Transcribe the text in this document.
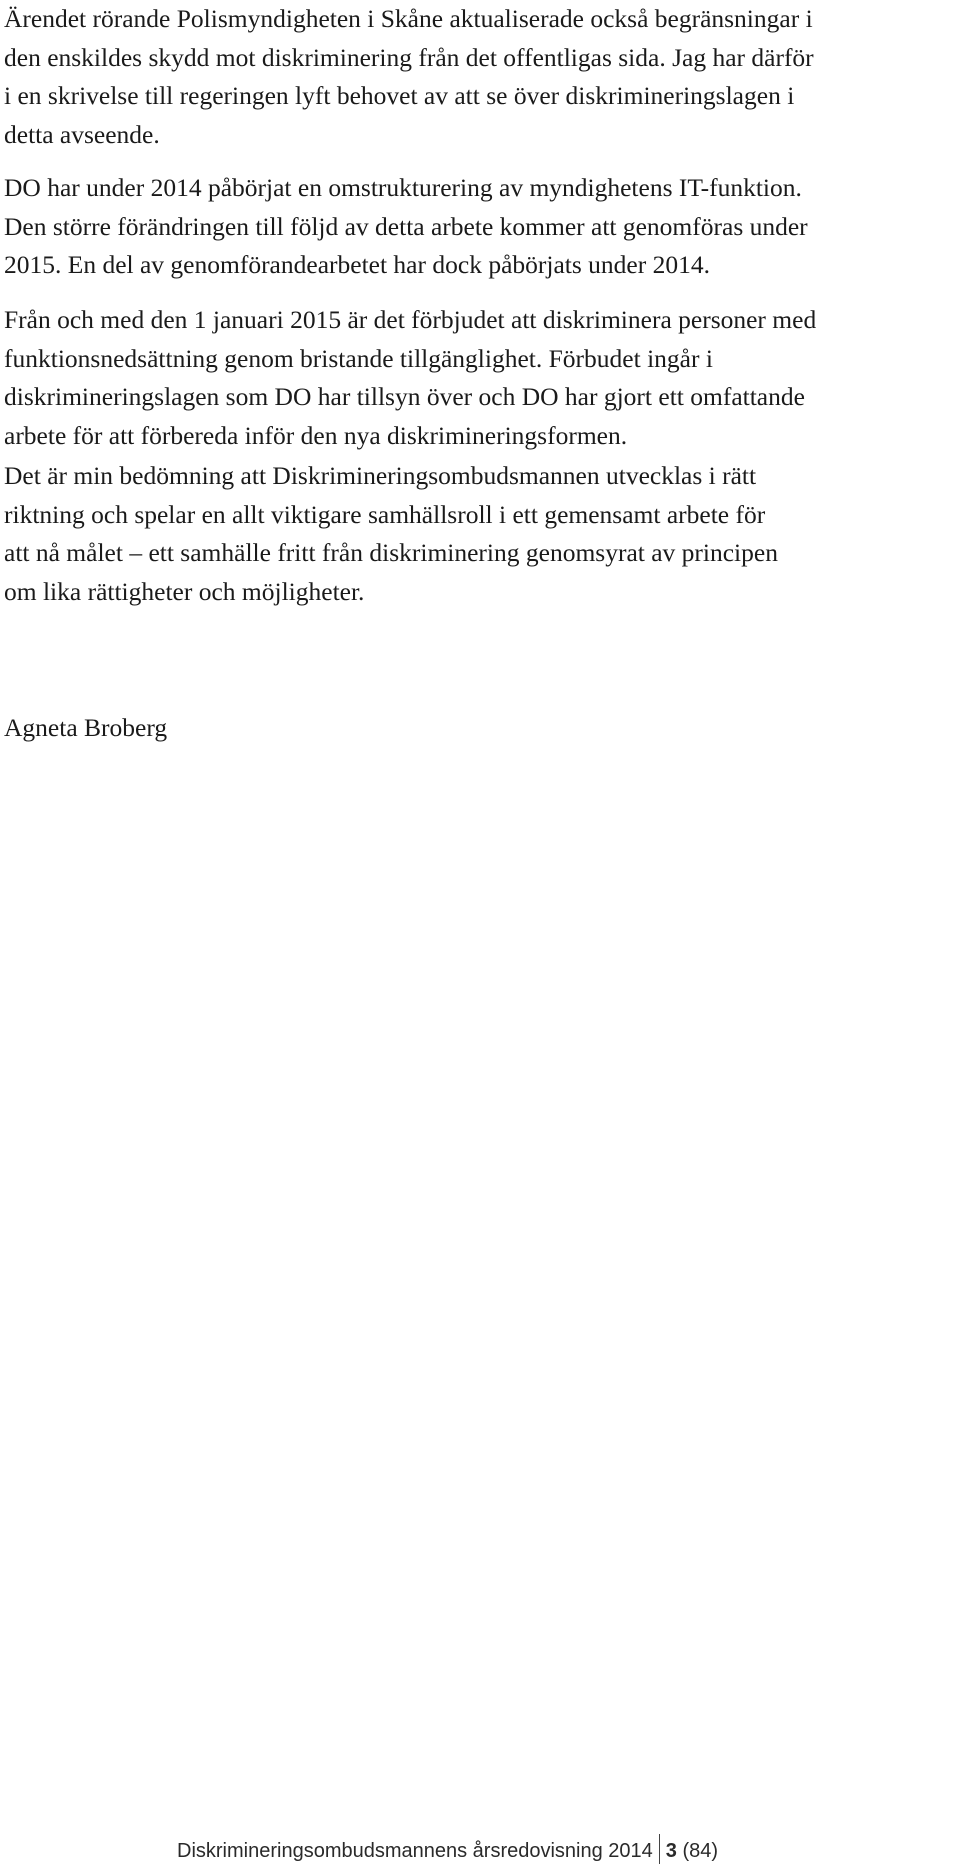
Ärendet rörande Polismyndigheten i Skåne aktualiserade också begränsningar i
den enskildes skydd mot diskriminering från det offentligas sida. Jag har därför
i en skrivelse till regeringen lyft behovet av att se över diskrimineringslagen i
detta avseende.
DO har under 2014 påbörjat en omstrukturering av myndighetens IT-funktion.
Den större förändringen till följd av detta arbete kommer att genomföras under
2015. En del av genomförandearbetet har dock påbörjats under 2014.
Från och med den 1 januari 2015 är det förbjudet att diskriminera personer med
funktionsnedsättning genom bristande tillgänglighet. Förbudet ingår i
diskrimineringslagen som DO har tillsyn över och DO har gjort ett omfattande
arbete för att förbereda inför den nya diskrimineringsformen.
Det är min bedömning att Diskrimineringsombudsmannen utvecklas i rätt
riktning och spelar en allt viktigare samhällsroll i ett gemensamt arbete för
att nå målet – ett samhälle fritt från diskriminering genomsyrat av principen
om lika rättigheter och möjligheter.

Agneta Broberg

Diskrimineringsombudsmannens årsredovisning 2014 3 (84)
